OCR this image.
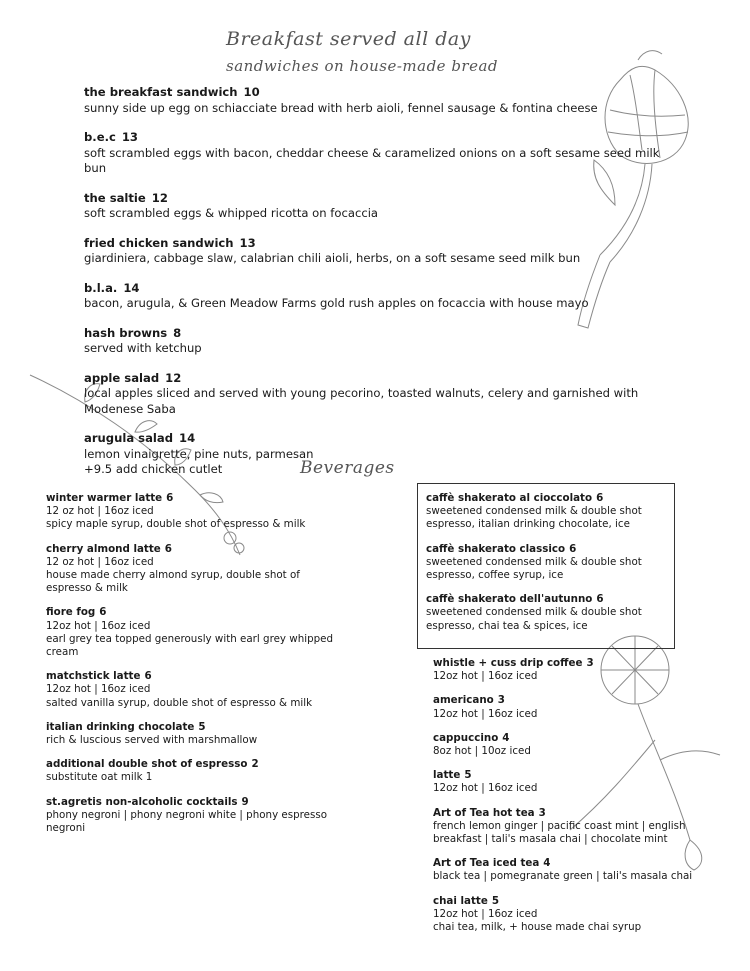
Breakfast served all day
sandwiches on house-made bread
Beverages
the breakfast sandwich 10
sunny side up egg on schiacciate bread with herb aioli, fennel sausage & fontina cheese
b.e.c 13
soft scrambled eggs with bacon, cheddar cheese & caramelized onions on a soft sesame seed milk bun
the saltie 12
soft scrambled eggs & whipped ricotta on focaccia
fried chicken sandwich 13
giardiniera, cabbage slaw, calabrian chili aioli, herbs, on a soft sesame seed milk bun
b.l.a. 14
bacon, arugula, & Green Meadow Farms gold rush apples on focaccia with house mayo
hash browns 8
served with ketchup
apple salad 12
local apples sliced and served with young pecorino, toasted walnuts, celery and garnished with Modenese Saba
arugula salad 14
lemon vinaigrette, pine nuts, parmesan
+9.5 add chicken cutlet
winter warmer latte 6
12 oz hot | 16oz iced
spicy maple syrup, double shot of espresso & milk
cherry almond latte 6
12 oz hot | 16oz iced
house made cherry almond syrup, double shot of espresso & milk
fiore fog 6
12oz hot | 16oz iced
earl grey tea topped generously with earl grey whipped cream
matchstick latte 6
12oz hot | 16oz iced
salted vanilla syrup, double shot of espresso & milk
italian drinking chocolate 5
rich & luscious served with marshmallow
additional double shot of espresso 2
substitute oat milk 1
st.agretis non-alcoholic cocktails 9
phony negroni | phony negroni white | phony espresso negroni
caffè shakerato al cioccolato 6
sweetened condensed milk & double shot espresso, italian drinking chocolate, ice
caffè shakerato classico 6
sweetened condensed milk & double shot espresso, coffee syrup, ice
caffè shakerato dell'autunno 6
sweetened condensed milk & double shot espresso, chai tea & spices, ice
whistle + cuss drip coffee 3
12oz hot | 16oz iced
americano 3
12oz hot | 16oz iced
cappuccino 4
8oz hot | 10oz iced
latte 5
12oz hot | 16oz iced
Art of Tea hot tea 3
french lemon ginger | pacific coast mint | english breakfast | tali's masala chai | chocolate mint
Art of Tea iced tea 4
black tea | pomegranate green | tali's masala chai
chai latte 5
12oz hot | 16oz iced
chai tea, milk, + house made chai syrup
